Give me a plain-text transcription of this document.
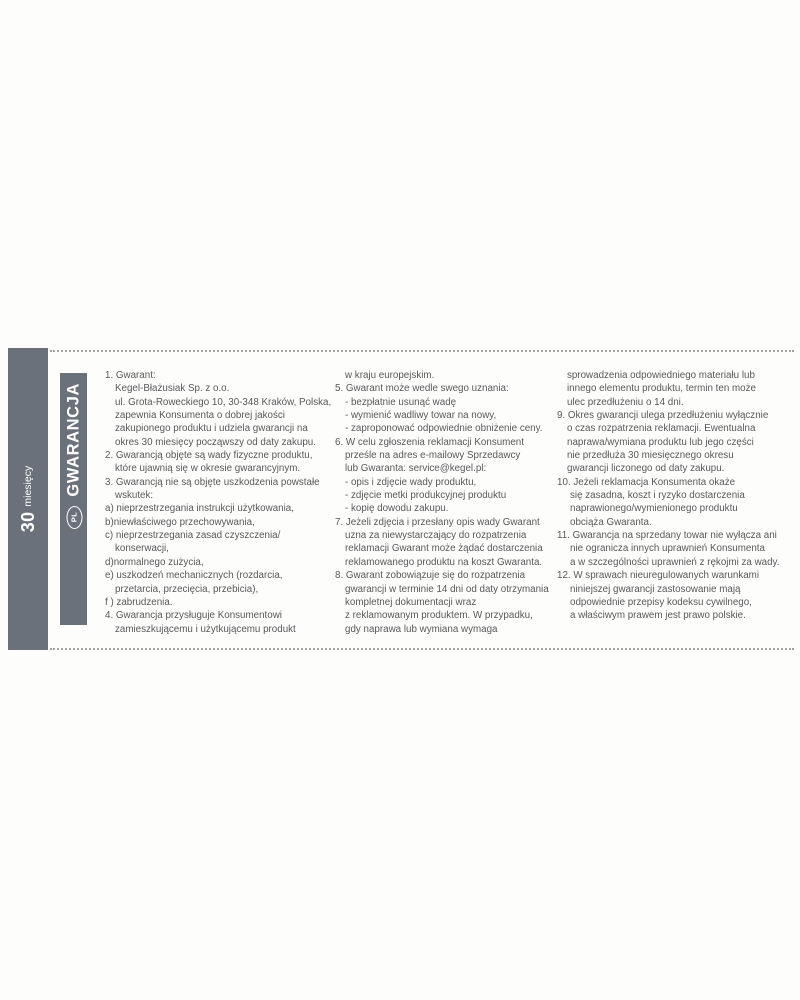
30
miesięcy
PL
GWARANCJA
1. Gwarant:
Kegel-Błażusiak Sp. z o.o.
ul. Grota-Roweckiego 10, 30-348 Kraków, Polska,
zapewnia Konsumenta o dobrej jakości
zakupionego produktu i udziela gwarancji na
okres 30 miesięcy począwszy od daty zakupu.
2. Gwarancją objęte są wady fizyczne produktu,
które ujawnią się w okresie gwarancyjnym.
3. Gwarancją nie są objęte uszkodzenia powstałe
wskutek:
a) nieprzestrzegania instrukcji użytkowania,
b)niewłaściwego przechowywania,
c) nieprzestrzegania zasad czyszczenia/
konserwacji,
d)normalnego zużycia,
e) uszkodzeń mechanicznych (rozdarcia,
przetarcia, przecięcia, przebicia),
f ) zabrudzenia.
4. Gwarancja przysługuje Konsumentowi
zamieszkującemu i użytkującemu produkt
w kraju europejskim.
5. Gwarant może wedle swego uznania:
- bezpłatnie usunąć wadę
- wymienić wadliwy towar na nowy,
- zaproponować odpowiednie obniżenie ceny.
6. W celu zgłoszenia reklamacji Konsument
prześle na adres e-mailowy Sprzedawcy
lub Gwaranta: service@kegel.pl:
- opis i zdjęcie wady produktu,
- zdjęcie metki produkcyjnej produktu
- kopię dowodu zakupu.
7. Jeżeli zdjęcia i przesłany opis wady Gwarant
uzna za niewystarczający do rozpatrzenia
reklamacji Gwarant może żądać dostarczenia
reklamowanego produktu na koszt Gwaranta.
8. Gwarant zobowiązuje się do rozpatrzenia
gwarancji w terminie 14 dni od daty otrzymania
kompletnej dokumentacji wraz
z reklamowanym produktem. W przypadku,
gdy naprawa lub wymiana wymaga
sprowadzenia odpowiedniego materiału lub
innego elementu produktu, termin ten może
ulec przedłużeniu o 14 dni.
9. Okres gwarancji ulega przedłużeniu wyłącznie
o czas rozpatrzenia reklamacji. Ewentualna
naprawa/wymiana produktu lub jego części
nie przedłuża 30 miesięcznego okresu
gwarancji liczonego od daty zakupu.
10. Jeżeli reklamacja Konsumenta okaże
się zasadna, koszt i ryzyko dostarczenia
naprawionego/wymienionego produktu
obciąża Gwaranta.
11. Gwarancja na sprzedany towar nie wyłącza ani
nie ogranicza innych uprawnień Konsumenta
a w szczególności uprawnień z rękojmi za wady.
12. W sprawach nieuregulowanych warunkami
niniejszej gwarancji zastosowanie mają
odpowiednie przepisy kodeksu cywilnego,
a właściwym prawem jest prawo polskie.
